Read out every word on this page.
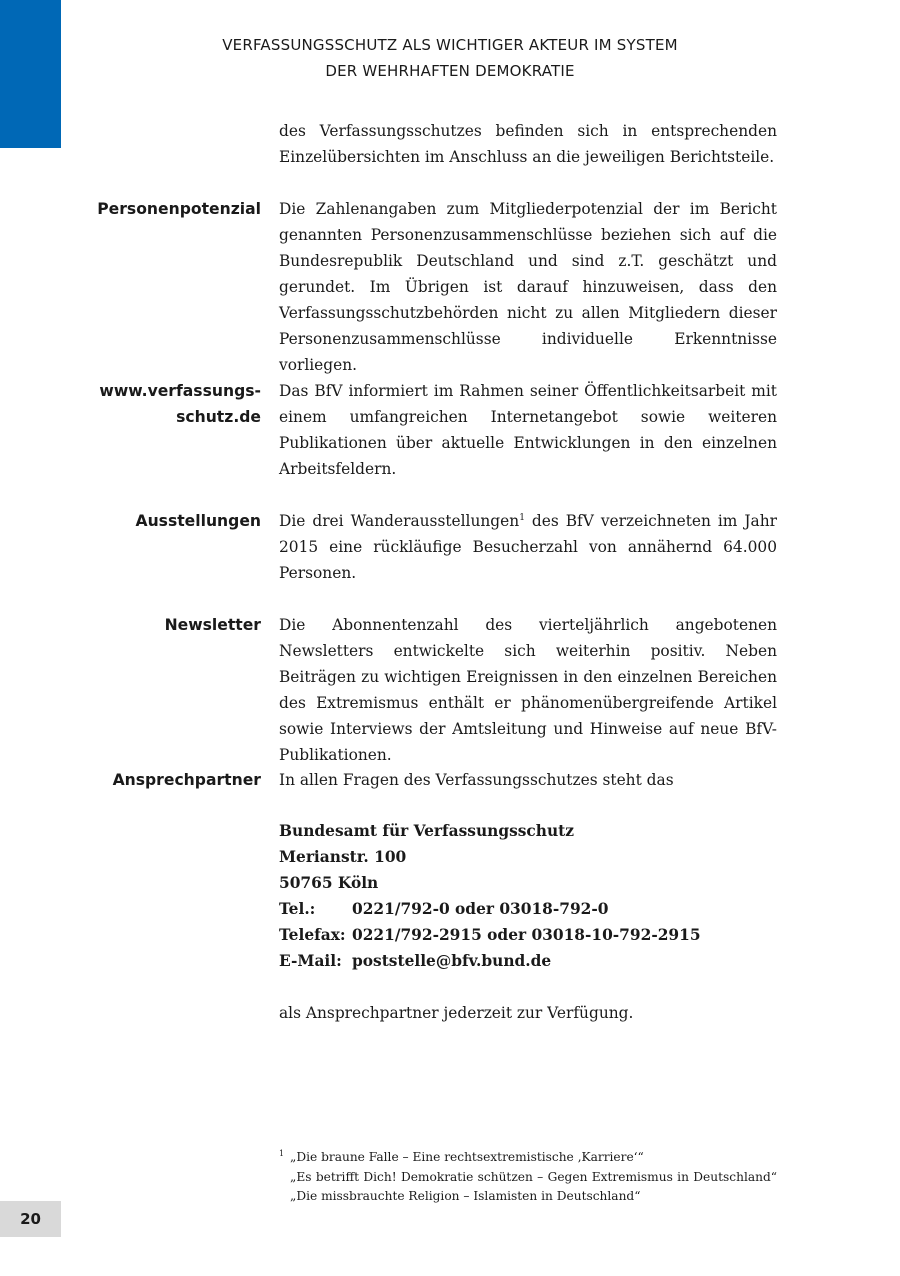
VERFASSUNGSSCHUTZ ALS WICHTIGER AKTEUR IM SYSTEM
DER WEHRHAFTEN DEMOKRATIE

des Verfassungsschutzes befinden sich in entsprechenden Einzelübersichten im Anschluss an die jeweiligen Berichtsteile.

Personenpotenzial Die Zahlenangaben zum Mitgliederpotenzial der im Bericht genannten Personenzusammenschlüsse beziehen sich auf die Bundesrepublik Deutschland und sind z.T. geschätzt und gerundet. Im Übrigen ist darauf hinzuweisen, dass den Verfassungsschutzbehörden nicht zu allen Mitgliedern dieser Personenzusammenschlüsse individuelle Erkenntnisse vorliegen.

www.verfassungs-
schutz.de

Das BfV informiert im Rahmen seiner Öffentlichkeitsarbeit mit einem umfangreichen Internetangebot sowie weiteren Publikationen über aktuelle Entwicklungen in den einzelnen Arbeitsfeldern.

Ausstellungen Die drei Wanderausstellungen$^1$ des BfV verzeichneten im Jahr 2015 eine rückläufige Besucherzahl von annähernd 64.000 Personen.

Newsletter Die Abonnentenzahl des vierteljährlich angebotenen Newsletters entwickelte sich weiterhin positiv. Neben Beiträgen zu wichtigen Ereignissen in den einzelnen Bereichen des Extremismus enthält er phänomenübergreifende Artikel sowie Interviews der Amtsleitung und Hinweise auf neue BfV-Publikationen.

Ansprechpartner In allen Fragen des Verfassungsschutzes steht das

Bundesamt für Verfassungsschutz
Merianstr. 100
50765 Köln
Tel.: 0221/792-0 oder 03018-792-0
Telefax: 0221/792-2915 oder 03018-10-792-2915
E-Mail: poststelle@bfv.bund.de

als Ansprechpartner jederzeit zur Verfügung.

1 „Die braune Falle – Eine rechtsextremistische ‚Karriere‘“
„Es betrifft Dich! Demokratie schützen – Gegen Extremismus in Deutschland“
„Die missbrauchte Religion – Islamisten in Deutschland“
20
